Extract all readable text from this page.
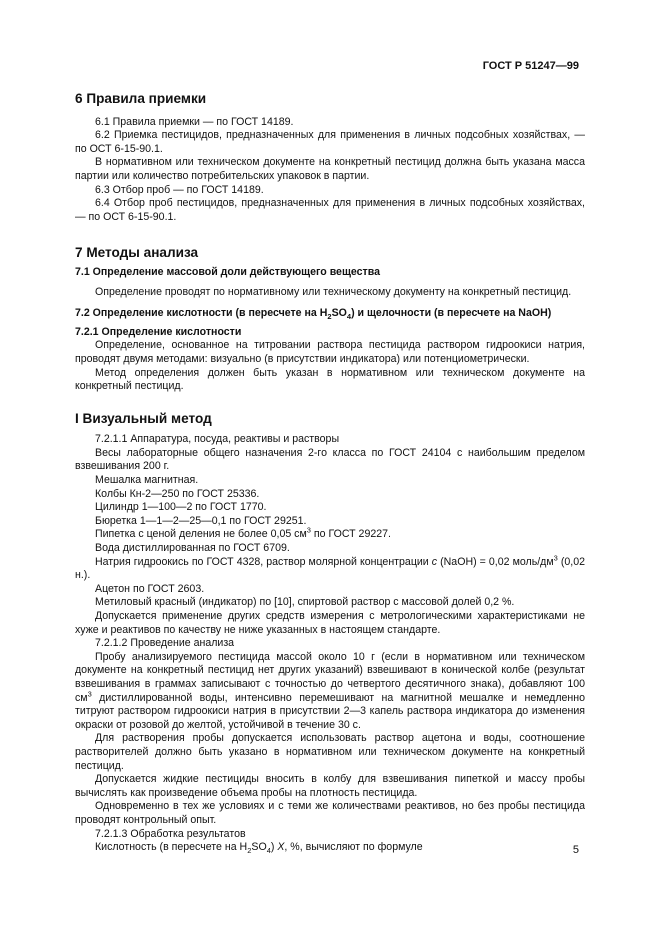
ГОСТ Р 51247—99
6 Правила приемки

6.1 Правила приемки — по ГОСТ 14189.

6.2 Приемка пестицидов, предназначенных для применения в личных подсобных хозяйствах, — по ОСТ 6-15-90.1.

В нормативном или техническом документе на конкретный пестицид должна быть указана масса партии или количество потребительских упаковок в партии.

6.3 Отбор проб — по ГОСТ 14189.

6.4 Отбор проб пестицидов, предназначенных для применения в личных подсобных хозяйствах, — по ОСТ 6-15-90.1.

7 Методы анализа
7.1 Определение массовой доли действующего вещества

Определение проводят по нормативному или техническому документу на конкретный пестицид.

7.2 Определение кислотности (в пересчете на $H_2SO_4$) и щелочности (в пересчете на NaOH)
7.2.1 Определение кислотности

Определение, основанное на титровании раствора пестицида раствором гидроокиси натрия, проводят двумя методами: визуально (в присутствии индикатора) или потенциометрически.

Метод определения должен быть указан в нормативном или техническом документе на конкретный пестицид.

I Визуальный метод

7.2.1.1 Аппаратура, посуда, реактивы и растворы

Весы лабораторные общего назначения 2-го класса по ГОСТ 24104 с наибольшим пределом взвешивания 200 г.

Мешалка магнитная.

Колбы Кн-2—250 по ГОСТ 25336.

Цилиндр 1—100—2 по ГОСТ 1770.

Бюретка 1—1—2—25—0,1 по ГОСТ 29251.

Пипетка с ценой деления не более 0,05 $см^3$ по ГОСТ 29227.

Вода дистиллированная по ГОСТ 6709.

Натрия гидроокись по ГОСТ 4328, раствор молярной концентрации c (NaOH) = 0,02 моль/$дм^3$ (0,02 н.).

Ацетон по ГОСТ 2603.

Метиловый красный (индикатор) по [10], спиртовой раствор с массовой долей 0,2 %.

Допускается применение других средств измерения с метрологическими характеристиками не хуже и реактивов по качеству не ниже указанных в настоящем стандарте.

7.2.1.2 Проведение анализа

Пробу анализируемого пестицида массой около 10 г (если в нормативном или техническом документе на конкретный пестицид нет других указаний) взвешивают в конической колбе (результат взвешивания в граммах записывают с точностью до четвертого десятичного знака), добавляют 100 $см^3$ дистиллированной воды, интенсивно перемешивают на магнитной мешалке и немедленно титруют раствором гидроокиси натрия в присутствии 2—3 капель раствора индикатора до изменения окраски от розовой до желтой, устойчивой в течение 30 с.

Для растворения пробы допускается использовать раствор ацетона и воды, соотношение растворителей должно быть указано в нормативном или техническом документе на конкретный пестицид.

Допускается жидкие пестициды вносить в колбу для взвешивания пипеткой и массу пробы вычислять как произведение объема пробы на плотность пестицида.

Одновременно в тех же условиях и с теми же количествами реактивов, но без пробы пестицида проводят контрольный опыт.

7.2.1.3 Обработка результатов

Кислотность (в пересчете на $H_2SO_4$) X, %, вычисляют по формуле	5
